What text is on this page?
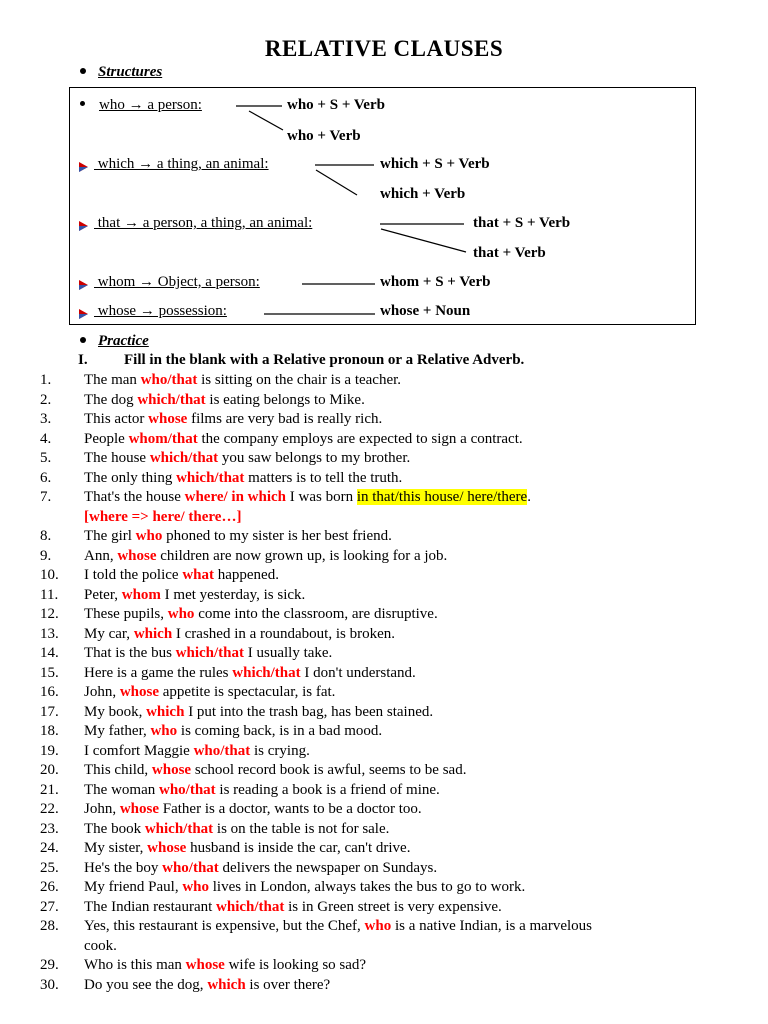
RELATIVE CLAUSES
Structures
who → a person:	who + S + Verb
who + Verb
which → a thing, an animal:	which + S + Verb
which + Verb
that → a person, a thing, an animal:	that + S + Verb
that + Verb
whom → Object, a person:	whom + S + Verb
whose → possession:	whose + Noun
Practice
I. Fill in the blank with a Relative pronoun or a Relative Adverb.
1.	The man who/that is sitting on the chair is a teacher.
2.	The dog which/that is eating belongs to Mike.
3.	This actor whose films are very bad is really rich.
4.	People whom/that the company employs are expected to sign a contract.
5.	The house which/that you saw belongs to my brother.
6.	The only thing which/that matters is to tell the truth.
7.	That's the house where/ in which I was born in that/this house/ here/there.
[where => here/ there…]
8.	The girl who phoned to my sister is her best friend.
9.	Ann, whose children are now grown up, is looking for a job.
10.	I told the police what happened.
11.	Peter, whom I met yesterday, is sick.
12.	These pupils, who come into the classroom, are disruptive.
13.	My car, which I crashed in a roundabout, is broken.
14.	That is the bus which/that I usually take.
15.	Here is a game the rules which/that I don't understand.
16.	John, whose appetite is spectacular, is fat.
17.	My book, which I put into the trash bag, has been stained.
18.	My father, who is coming back, is in a bad mood.
19.	I comfort Maggie who/that is crying.
20.	This child, whose school record book is awful, seems to be sad.
21.	The woman who/that is reading a book is a friend of mine.
22.	John, whose Father is a doctor, wants to be a doctor too.
23.	The book which/that is on the table is not for sale.
24.	My sister, whose husband is inside the car, can't drive.
25.	He's the boy who/that delivers the newspaper on Sundays.
26.	My friend Paul, who lives in London, always takes the bus to go to work.
27.	The Indian restaurant which/that is in Green street is very expensive.
28.	Yes, this restaurant is expensive, but the Chef, who is a native Indian, is a marvelous
cook.
29.	Who is this man whose wife is looking so sad?
30.	Do you see the dog, which is over there?
